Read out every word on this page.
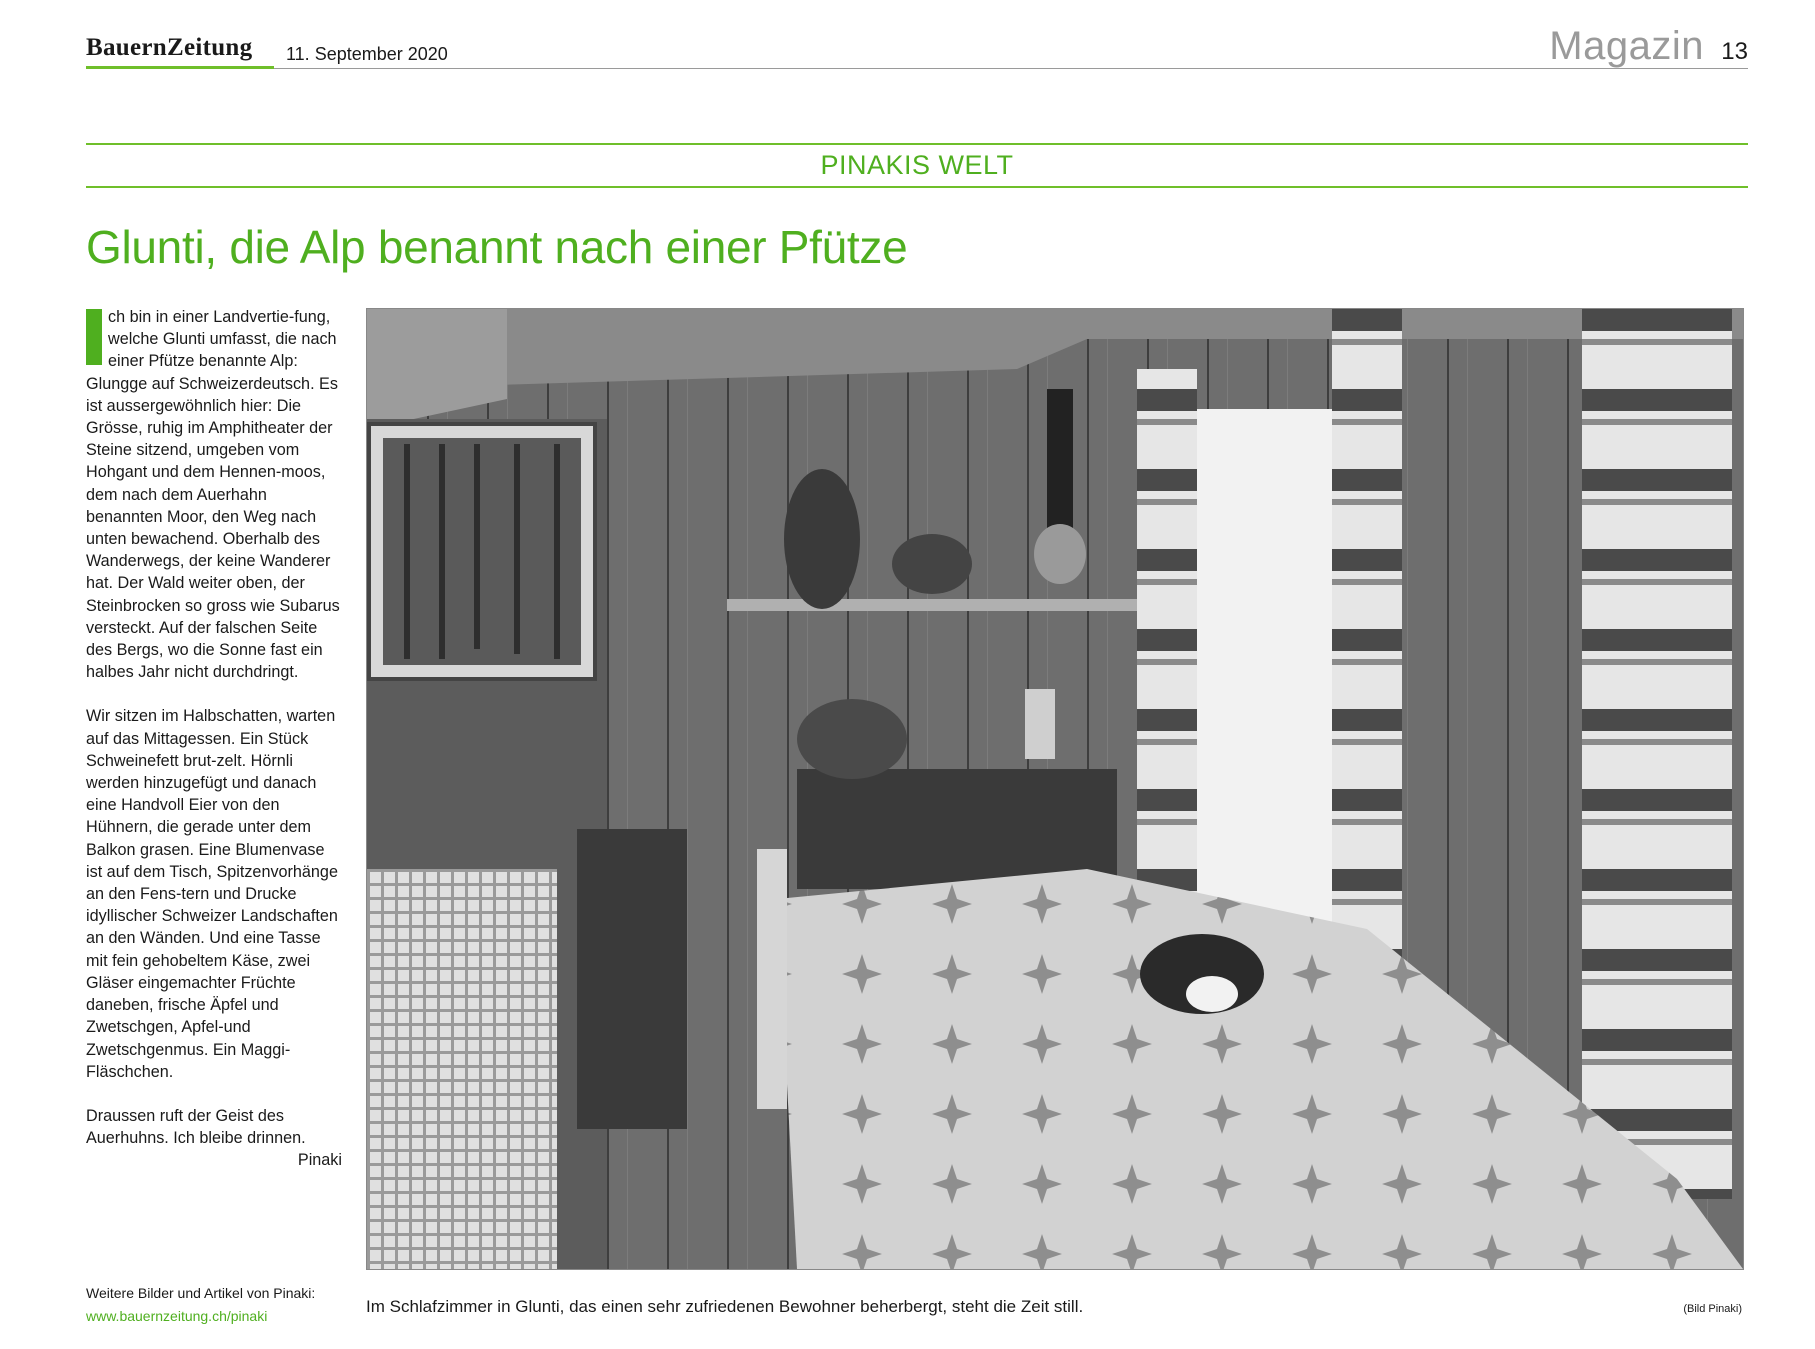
BauernZeitung 11. September 2020	Magazin 13
PINAKIS WELT
Glunti, die Alp benannt nach einer Pfütze

ch bin in einer Landvertie-fung, welche Glunti umfasst, die nach einer Pfütze benannte Alp: Glungge auf Schweizerdeutsch. Es ist aussergewöhnlich hier: Die Grösse, ruhig im Amphitheater der Steine sitzend, umgeben vom Hohgant und dem Hennen-moos, dem nach dem Auerhahn benannten Moor, den Weg nach unten bewachend. Oberhalb des Wanderwegs, der keine Wanderer hat. Der Wald weiter oben, der Steinbrocken so gross wie Subarus versteckt. Auf der falschen Seite des Bergs, wo die Sonne fast ein halbes Jahr nicht durchdringt.

Wir sitzen im Halbschatten, warten auf das Mittagessen. Ein Stück Schweinefett brut-zelt. Hörnli werden hinzugefügt und danach eine Handvoll Eier von den Hühnern, die gerade unter dem Balkon grasen. Eine Blumenvase ist auf dem Tisch, Spitzenvorhänge an den Fens-tern und Drucke idyllischer Schweizer Landschaften an den Wänden. Und eine Tasse mit fein gehobeltem Käse, zwei Gläser eingemachter Früchte daneben, frische Äpfel und Zwetschgen, Apfel-und Zwetschgenmus. Ein Maggi-Fläschchen.

Draussen ruft der Geist des Auerhuhns. Ich bleibe drinnen.

Pinaki
Weitere Bilder und Artikel von Pinaki:
www.bauernzeitung.ch/pinaki	Im Schlafzimmer in Glunti, das einen sehr zufriedenen Bewohner beherbergt, steht die Zeit still.	(Bild Pinaki)
